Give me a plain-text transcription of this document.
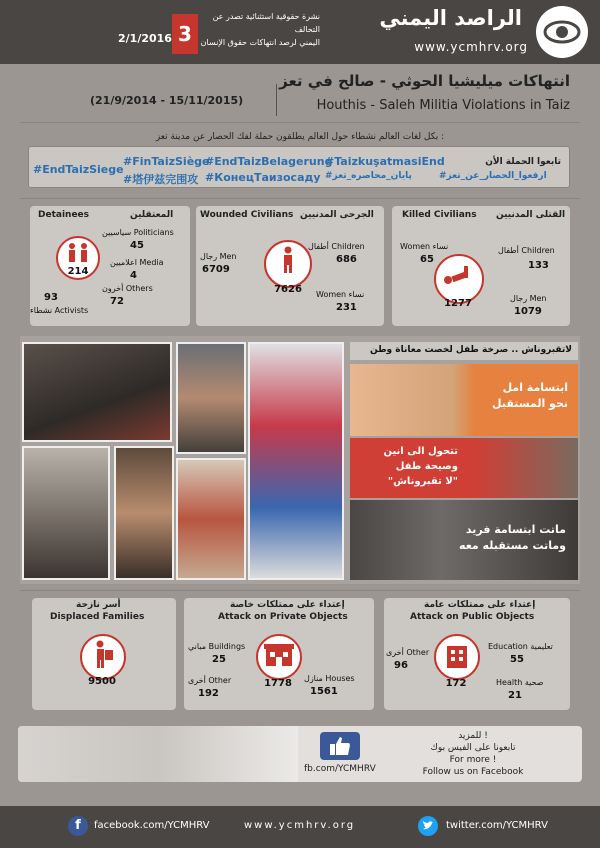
2/1/2016 3
نشرة حقوقية استثنائية تصدر عن التحالف
اليمني لرصد انتهاكات حقوق الإنسان
الراصد اليمني
www.ycmhrv.org
(21/9/2014 - 15/11/2015)
انتهاكات ميليشيا الحوثي - صالح في تعز
Houthis - Saleh Militia Violations in Taiz
بكل لغات العالم نشطاء حول العالم يطلقون حملة لفك الحصار عن مدينة تعز :
تابعوا الحملة الأن
#EndTaizSiege
#FinTaizSiège
#EndTaizBelagerung
#TaizkuşatmasiEnd
#塔伊兹完围攻 #КонецТаизосаду #پایان_محاصره_تعز	#ارفعوا_الحصار_عن_تعز
Detainees	المعتقلين
214
سياسيين Politicians
45
اعلاميين Media
4
أخرون Others
72
93
نشطاء Activists
Wounded Civilians الجرحى المدنيين
7626
رجال Men
6709
أطفال Children
686
Women نساء
231
Killed Civilians القتلى المدنيين
1277
Women نساء
65
أطفال Children
133
رجال Men
1079
لاتقبروناش .. صرخة طفل لخصت معاناة وطن
ابتسامة امل
نحو المستقبل
تتحول الى انين
وصيحة طفل
"لا تقبروناش"
ماتت ابتسامة فريد
وماتت مستقبله معه
أسر نازحة
Displaced Families
9500
إعتداء على ممتلكات خاصة
Attack on Private Objects
1778
مباني Buildings
25
أخرى Other
192
منازل Houses
1561
إعتداء على ممتلكات عامة
Attack on Public Objects
172
أخرى Other
96
Education تعليمية
55
Health صحية
21
fb.com/YCMHRV
للمزيد !
تابعونا على الفيس بوك
For more !
Follow us on Facebook
f	facebook.com/YCMHRV	www.ycmhrv.org	twitter.com/YCMHRV
